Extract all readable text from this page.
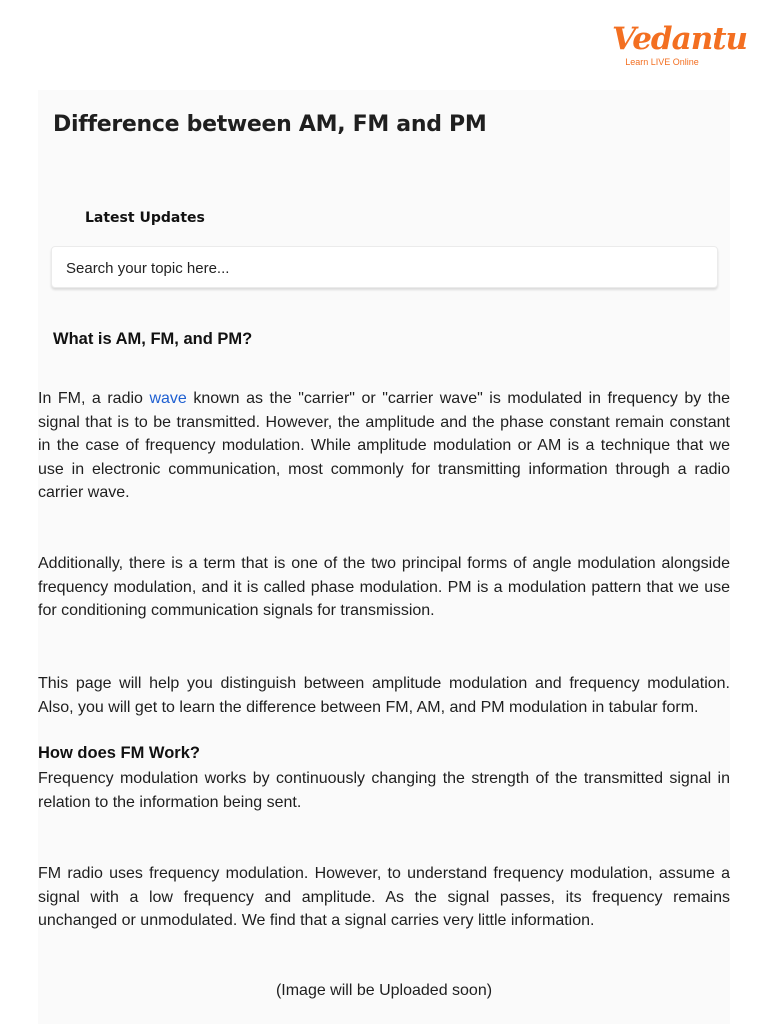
Vedantu
Learn LIVE Online
Difference between AM, FM and PM
Latest Updates
Search your topic here...
What is AM, FM, and PM?

In FM, a radio wave known as the "carrier" or "carrier wave" is modulated in frequency by the signal that is to be transmitted. However, the amplitude and the phase constant remain constant in the case of frequency modulation. While amplitude modulation or AM is a technique that we use in electronic communication, most commonly for transmitting information through a radio carrier wave.

Additionally, there is a term that is one of the two principal forms of angle modulation alongside frequency modulation, and it is called phase modulation. PM is a modulation pattern that we use for conditioning communication signals for transmission.

This page will help you distinguish between amplitude modulation and frequency modulation. Also, you will get to learn the difference between FM, AM, and PM modulation in tabular form.

How does FM Work?

Frequency modulation works by continuously changing the strength of the transmitted signal in relation to the information being sent.

FM radio uses frequency modulation. However, to understand frequency modulation, assume a signal with a low frequency and amplitude. As the signal passes, its frequency remains unchanged or unmodulated. We find that a signal carries very little information.

(Image will be Uploaded soon)
